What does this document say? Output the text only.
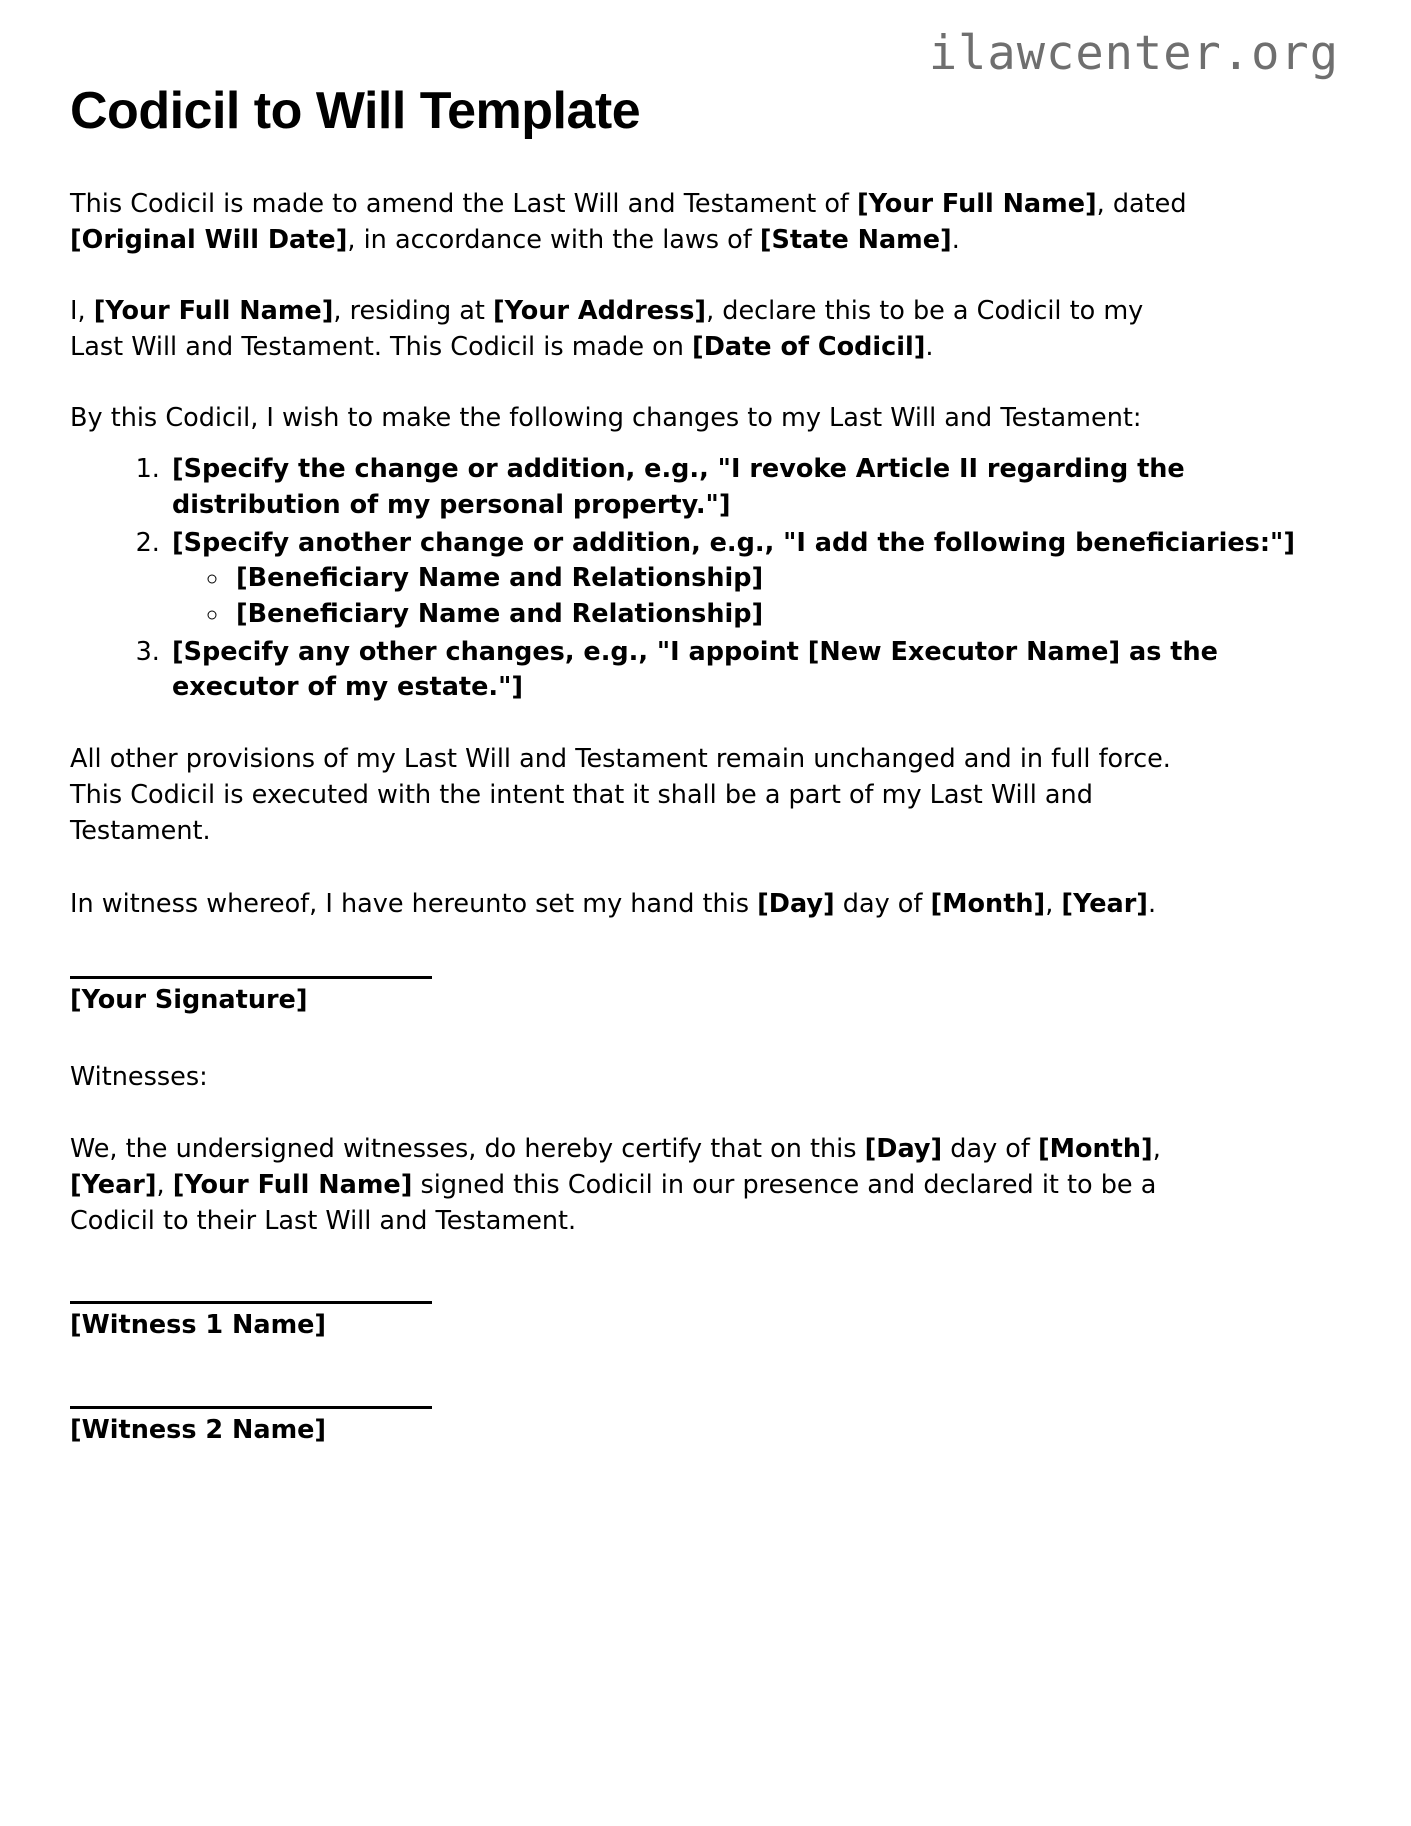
ilawcenter.org
Codicil to Will Template

This Codicil is made to amend the Last Will and Testament of [Your Full Name], dated [Original Will Date], in accordance with the laws of [State Name].

I, [Your Full Name], residing at [Your Address], declare this to be a Codicil to my Last Will and Testament. This Codicil is made on [Date of Codicil].

By this Codicil, I wish to make the following changes to my Last Will and Testament:

1. [Specify the change or addition, e.g., "I revoke Article II regarding the distribution of my personal property."]
2. [Specify another change or addition, e.g., "I add the following beneficiaries:"]
◦ [Beneficiary Name and Relationship]
◦ [Beneficiary Name and Relationship]
3. [Specify any other changes, e.g., "I appoint [New Executor Name] as the executor of my estate."]

All other provisions of my Last Will and Testament remain unchanged and in full force. This Codicil is executed with the intent that it shall be a part of my Last Will and Testament.

In witness whereof, I have hereunto set my hand this [Day] day of [Month], [Year].

[Your Signature]

Witnesses:

We, the undersigned witnesses, do hereby certify that on this [Day] day of [Month], [Year], [Your Full Name] signed this Codicil in our presence and declared it to be a Codicil to their Last Will and Testament.

[Witness 1 Name]

[Witness 2 Name]
